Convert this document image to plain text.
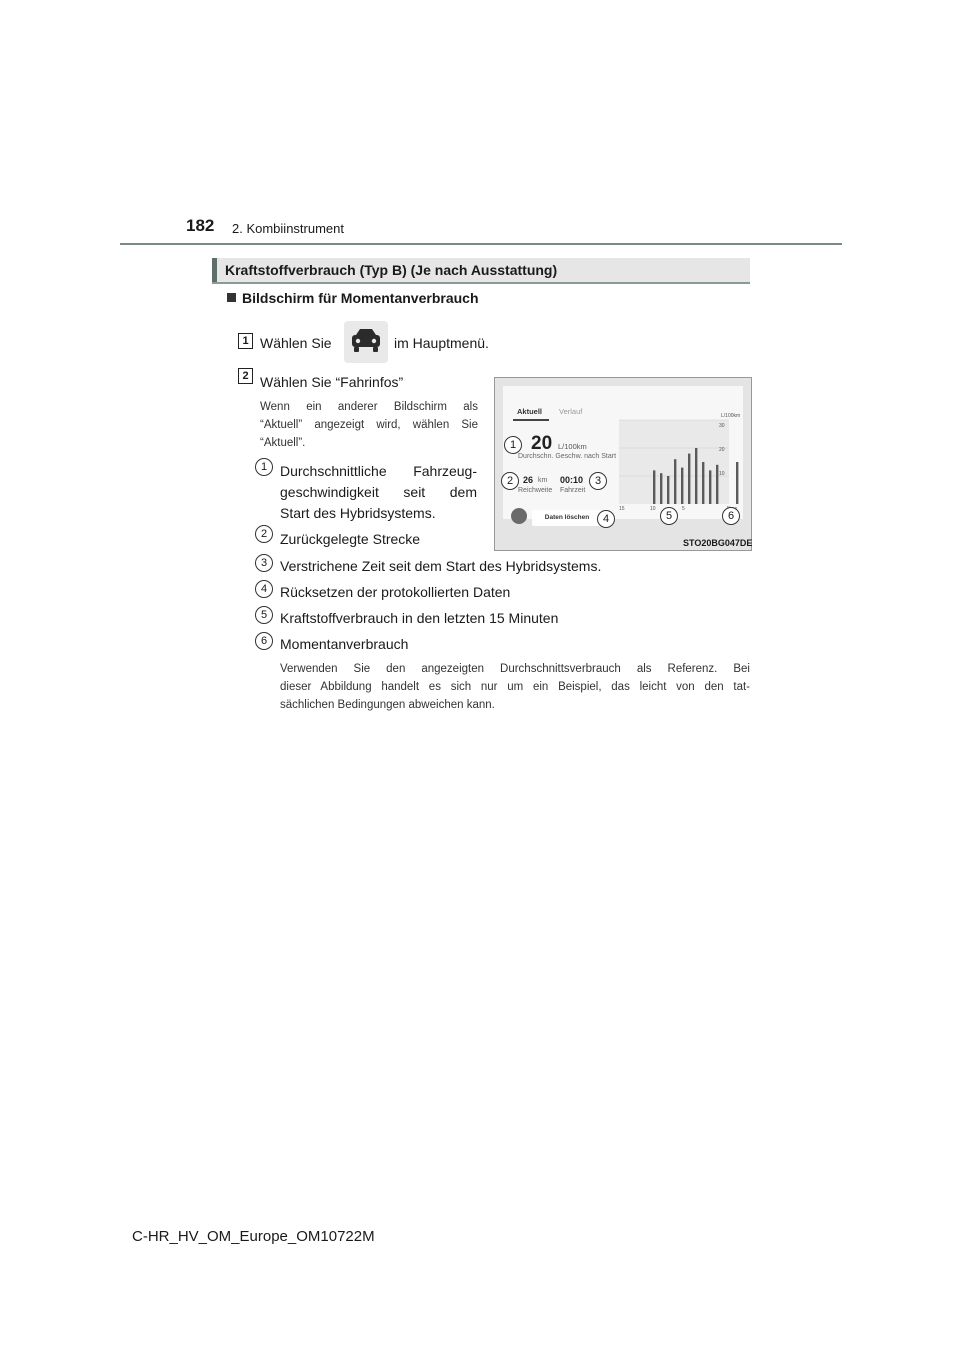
182 2. Kombiinstrument
Kraftstoffverbrauch (Typ B) (Je nach Ausstattung)
Bildschirm für Momentanverbrauch
1 Wählen Sie	im Hauptmenü.
2 Wählen Sie “Fahrinfos”
Wenn ein anderer Bildschirm als
“Aktuell” angezeigt wird, wählen Sie
“Aktuell”.
1 Durchschnittliche Fahrzeug-
geschwindigkeit seit dem
Start des Hybridsystems.
2 Zurückgelegte Strecke
3 Verstrichene Zeit seit dem Start des Hybridsystems.
4 Rücksetzen der protokollierten Daten
5 Kraftstoffverbrauch in den letzten 15 Minuten
6 Momentanverbrauch
Verwenden Sie den angezeigten Durchschnittsverbrauch als Referenz. Bei
dieser Abbildung handelt es sich nur um ein Beispiel, das leicht von den tat-
sächlichen Bedingungen abweichen kann.
Aktuell Verlauf
20 L/100km
Durchschn. Geschw. nach Start
26 km
Reichweite
00:10
Fahrzeit
Daten löschen
L/100km
30
20
10
15	10	5
1
2	3
4	5	6
STO20BG047DE
C-HR_HV_OM_Europe_OM10722M
